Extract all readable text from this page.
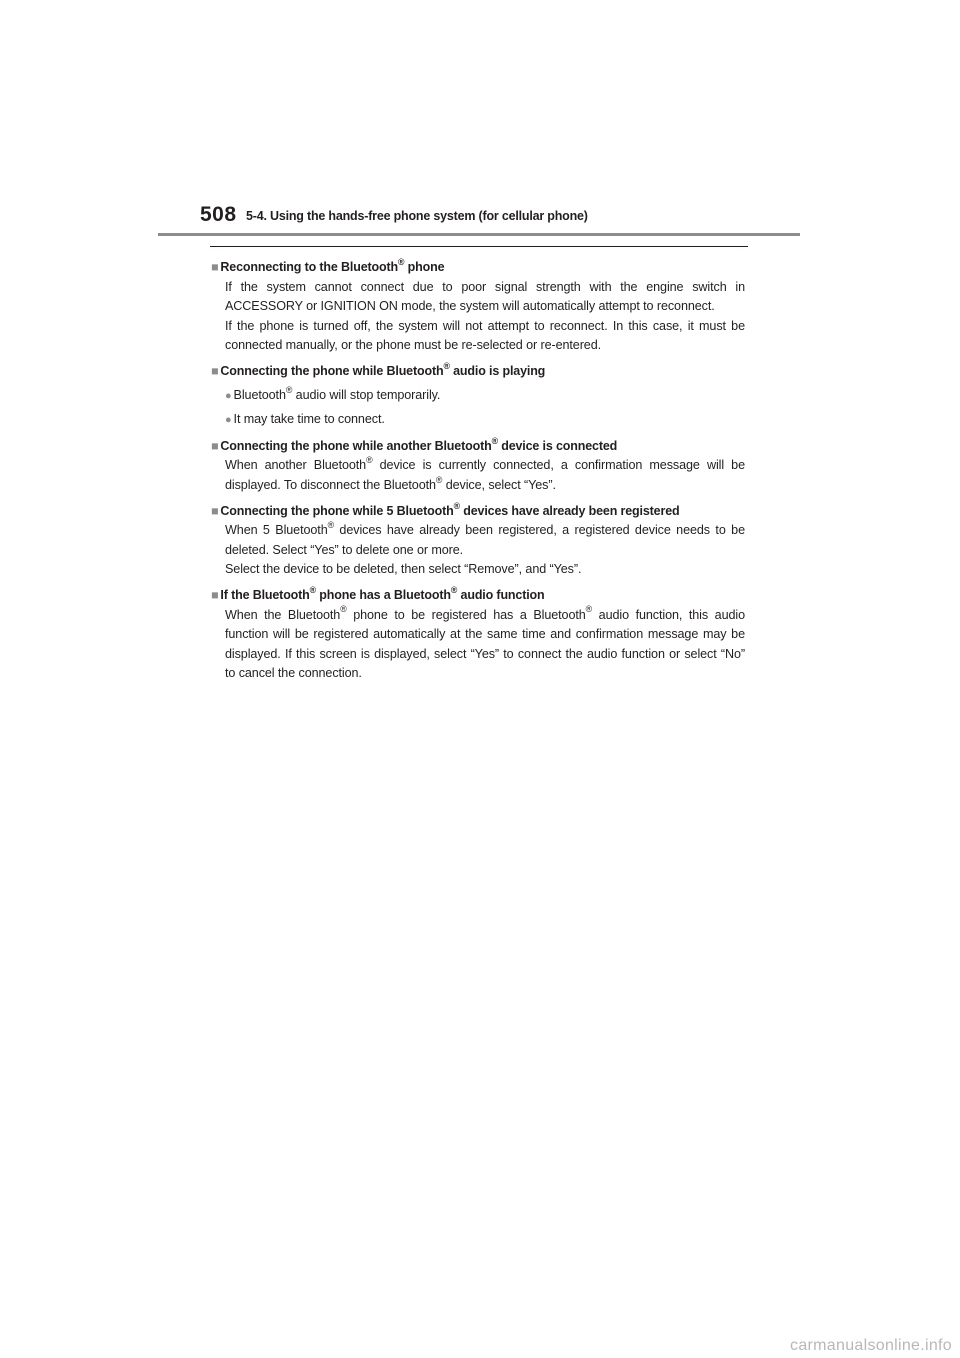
508 5-4. Using the hands-free phone system (for cellular phone)

■ Reconnecting to the Bluetooth® phone

If the system cannot connect due to poor signal strength with the engine switch in ACCESSORY or IGNITION ON mode, the system will automatically attempt to reconnect.

If the phone is turned off, the system will not attempt to reconnect. In this case, it must be connected manually, or the phone must be re-selected or re-entered.

■ Connecting the phone while Bluetooth® audio is playing

● Bluetooth® audio will stop temporarily.

● It may take time to connect.

■ Connecting the phone while another Bluetooth® device is connected

When another Bluetooth® device is currently connected, a confirmation message will be displayed. To disconnect the Bluetooth® device, select “Yes”.

■ Connecting the phone while 5 Bluetooth® devices have already been registered

When 5 Bluetooth® devices have already been registered, a registered device needs to be deleted. Select “Yes” to delete one or more.

Select the device to be deleted, then select “Remove”, and “Yes”.

■ If the Bluetooth® phone has a Bluetooth® audio function

When the Bluetooth® phone to be registered has a Bluetooth® audio function, this audio function will be registered automatically at the same time and confirmation message may be displayed. If this screen is displayed, select “Yes” to connect the audio function or select “No” to cancel the connection.

carmanualsonline.info
